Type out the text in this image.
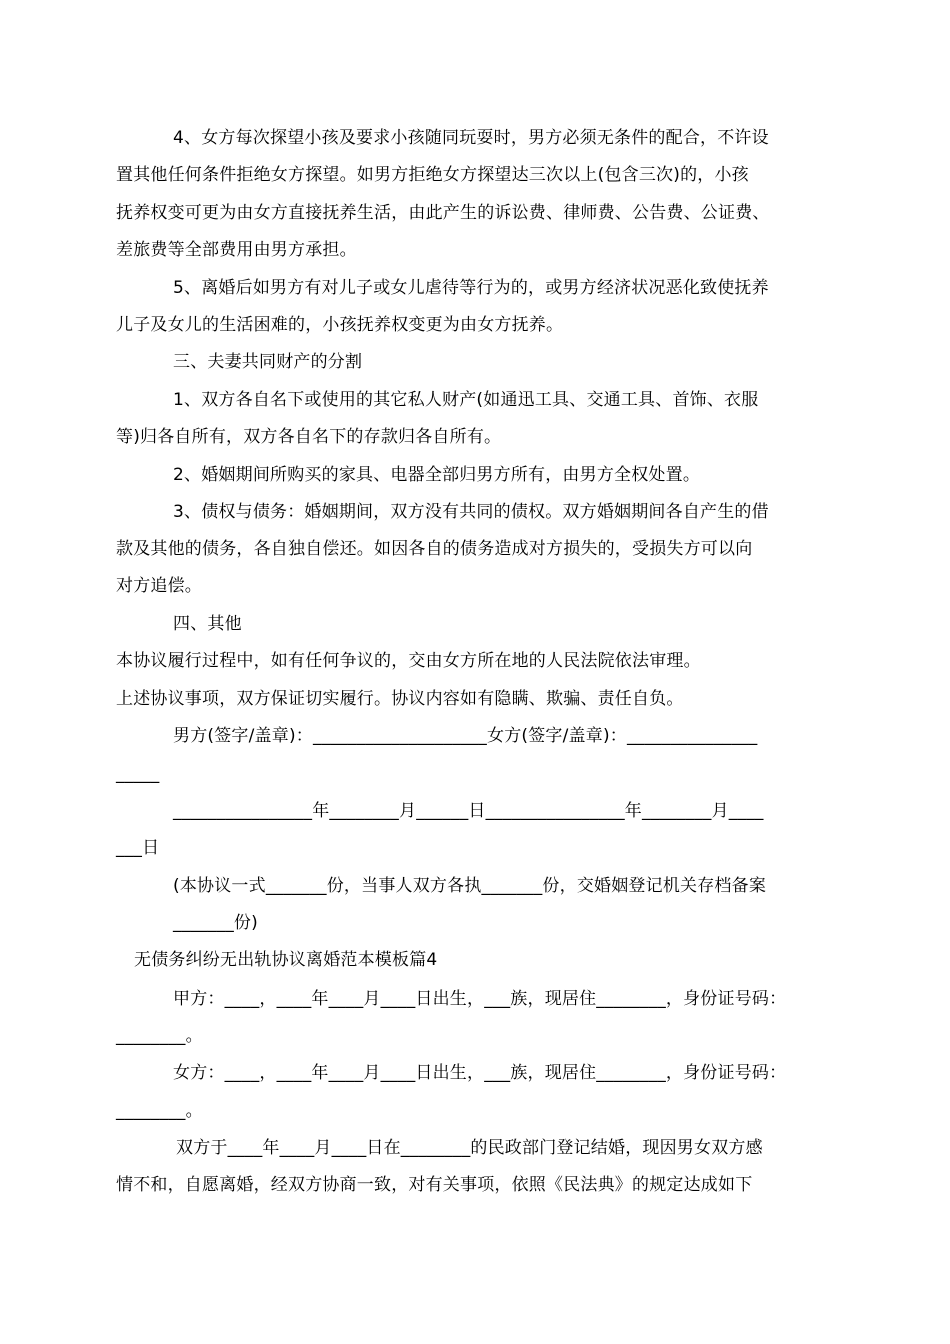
4、女方每次探望小孩及要求小孩随同玩耍时，男方必须无条件的配合，不许设
置其他任何条件拒绝女方探望。如男方拒绝女方探望达三次以上(包含三次)的，小孩
抚养权变可更为由女方直接抚养生活，由此产生的诉讼费、律师费、公告费、公证费、
差旅费等全部费用由男方承担。
5、离婚后如男方有对儿子或女儿虐待等行为的，或男方经济状况恶化致使抚养
儿子及女儿的生活困难的，小孩抚养权变更为由女方抚养。
三、夫妻共同财产的分割
1、双方各自名下或使用的其它私人财产(如通迅工具、交通工具、首饰、衣服
等)归各自所有，双方各自名下的存款归各自所有。
2、婚姻期间所购买的家具、电器全部归男方所有，由男方全权处置。
3、债权与债务：婚姻期间，双方没有共同的债权。双方婚姻期间各自产生的借
款及其他的债务，各自独自偿还。如因各自的债务造成对方损失的，受损失方可以向
对方追偿。
四、其他
本协议履行过程中，如有任何争议的，交由女方所在地的人民法院依法审理。
上述协议事项，双方保证切实履行。协议内容如有隐瞒、欺骗、责任自负。
男方(签字/盖章)：____________________女方(签字/盖章)：_______________
_____
________________年________月______日________________年________月____
___日
(本协议一式_______份，当事人双方各执_______份，交婚姻登记机关存档备案
_______份)
无债务纠纷无出轨协议离婚范本模板篇4
甲方：____，____年____月____日出生，___族，现居住________，身份证号码：
________。
女方：____，____年____月____日出生，___族，现居住________，身份证号码：
________。
双方于____年____月____日在________的民政部门登记结婚，现因男女双方感
情不和，自愿离婚，经双方协商一致，对有关事项，依照《民法典》的规定达成如下
